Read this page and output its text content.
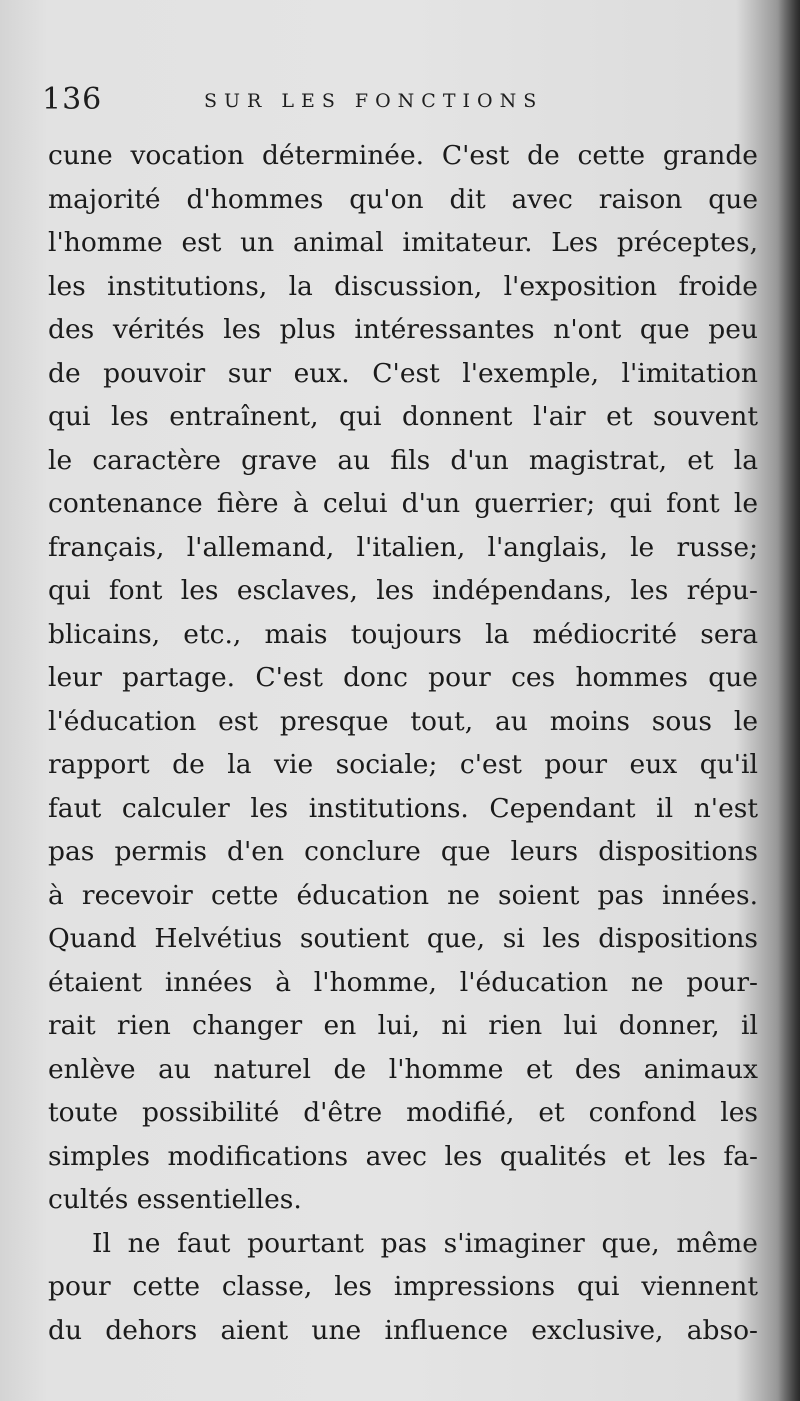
136	SUR LES FONCTIONS
cune vocation déterminée. C'est de cette grande
majorité d'hommes qu'on dit avec raison que
l'homme est un animal imitateur. Les préceptes,
les institutions, la discussion, l'exposition froide
des vérités les plus intéressantes n'ont que peu
de pouvoir sur eux. C'est l'exemple, l'imitation
qui les entraînent, qui donnent l'air et souvent
le caractère grave au fils d'un magistrat, et la
contenance fière à celui d'un guerrier; qui font le
français, l'allemand, l'italien, l'anglais, le russe;
qui font les esclaves, les indépendans, les répu-
blicains, etc., mais toujours la médiocrité sera
leur partage. C'est donc pour ces hommes que
l'éducation est presque tout, au moins sous le
rapport de la vie sociale; c'est pour eux qu'il
faut calculer les institutions. Cependant il n'est
pas permis d'en conclure que leurs dispositions
à recevoir cette éducation ne soient pas innées.
Quand Helvétius soutient que, si les dispositions
étaient innées à l'homme, l'éducation ne pour-
rait rien changer en lui, ni rien lui donner, il
enlève au naturel de l'homme et des animaux
toute possibilité d'être modifié, et confond les
simples modifications avec les qualités et les fa-
cultés essentielles.
Il ne faut pourtant pas s'imaginer que, même
pour cette classe, les impressions qui viennent
du dehors aient une influence exclusive, abso-
